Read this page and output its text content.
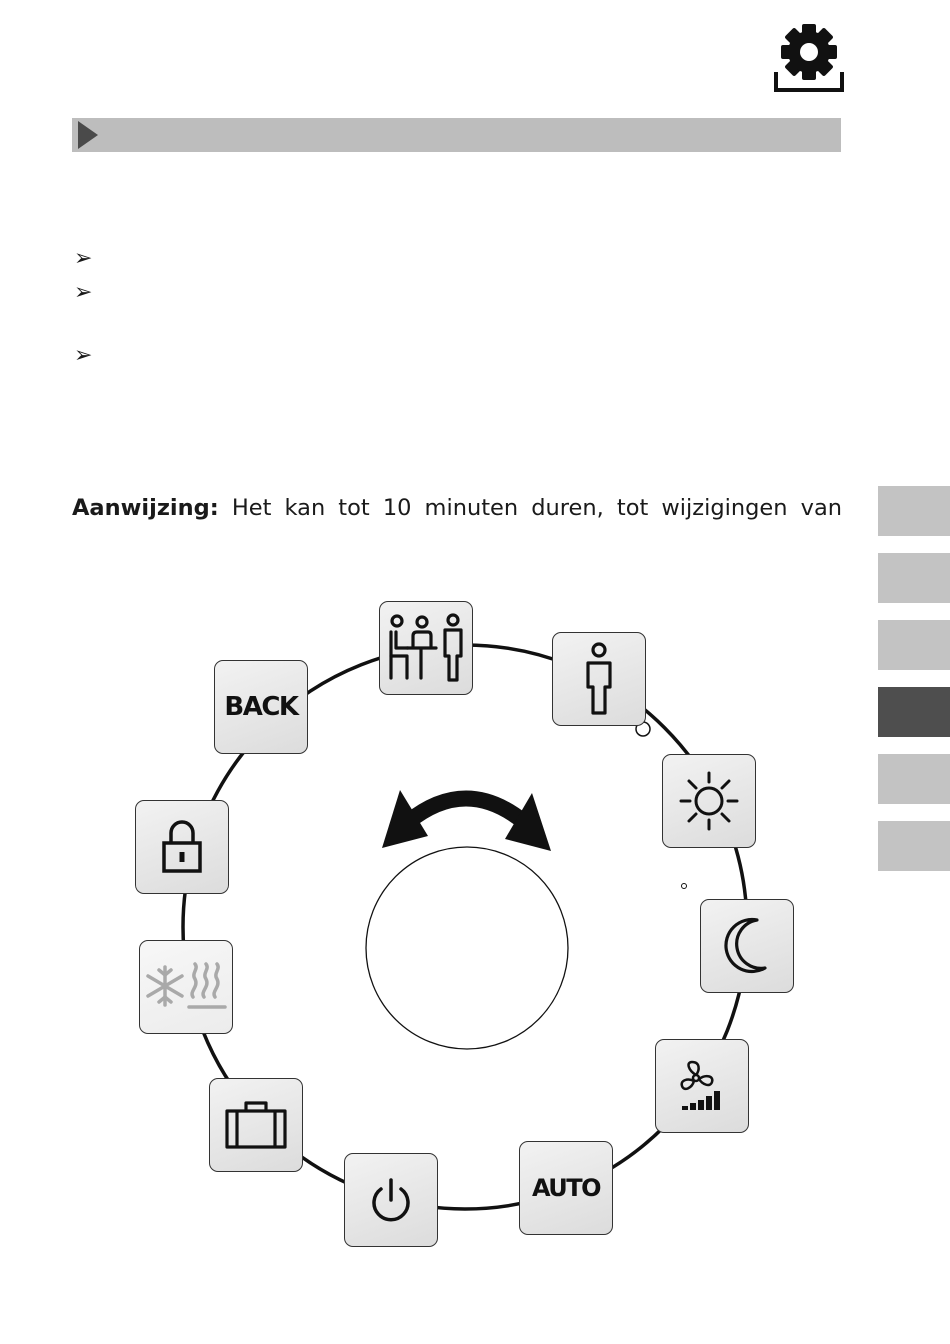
➢
➢
➢
Aanwijzing: Het kan tot 10 minuten duren, tot wijzigingen van
AUTO
BACK
